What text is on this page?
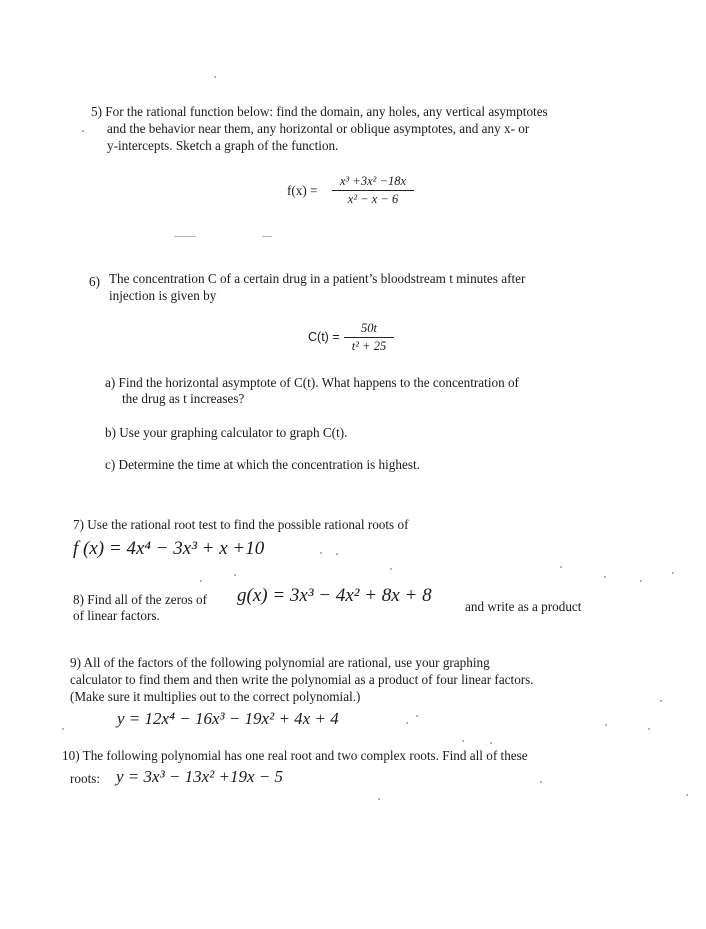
5) For the rational function below: find the domain, any holes, any vertical asymptotes
and the behavior near them, any horizontal or oblique asymptotes, and any x- or
y-intercepts. Sketch a graph of the function.
f(x) =
x³ +3x² −18x
x² − x − 6
6) The concentration C of a certain drug in a patient’s bloodstream t minutes after
injection is given by
C(t) =
50t
t² + 25
a) Find the horizontal asymptote of C(t). What happens to the concentration of
the drug as t increases?
b) Use your graphing calculator to graph C(t).
c) Determine the time at which the concentration is highest.
7) Use the rational root test to find the possible rational roots of
f (x) = 4x⁴ − 3x³ + x +10
8) Find all of the zeros of g(x) = 3x³ − 4x² + 8x + 8
and write as a product
of linear factors.
9) All of the factors of the following polynomial are rational, use your graphing
calculator to find them and then write the polynomial as a product of four linear factors.
(Make sure it multiplies out to the correct polynomial.)
y = 12x⁴ − 16x³ − 19x² + 4x + 4
10) The following polynomial has one real root and two complex roots. Find all of these
roots: y = 3x³ − 13x² +19x − 5
